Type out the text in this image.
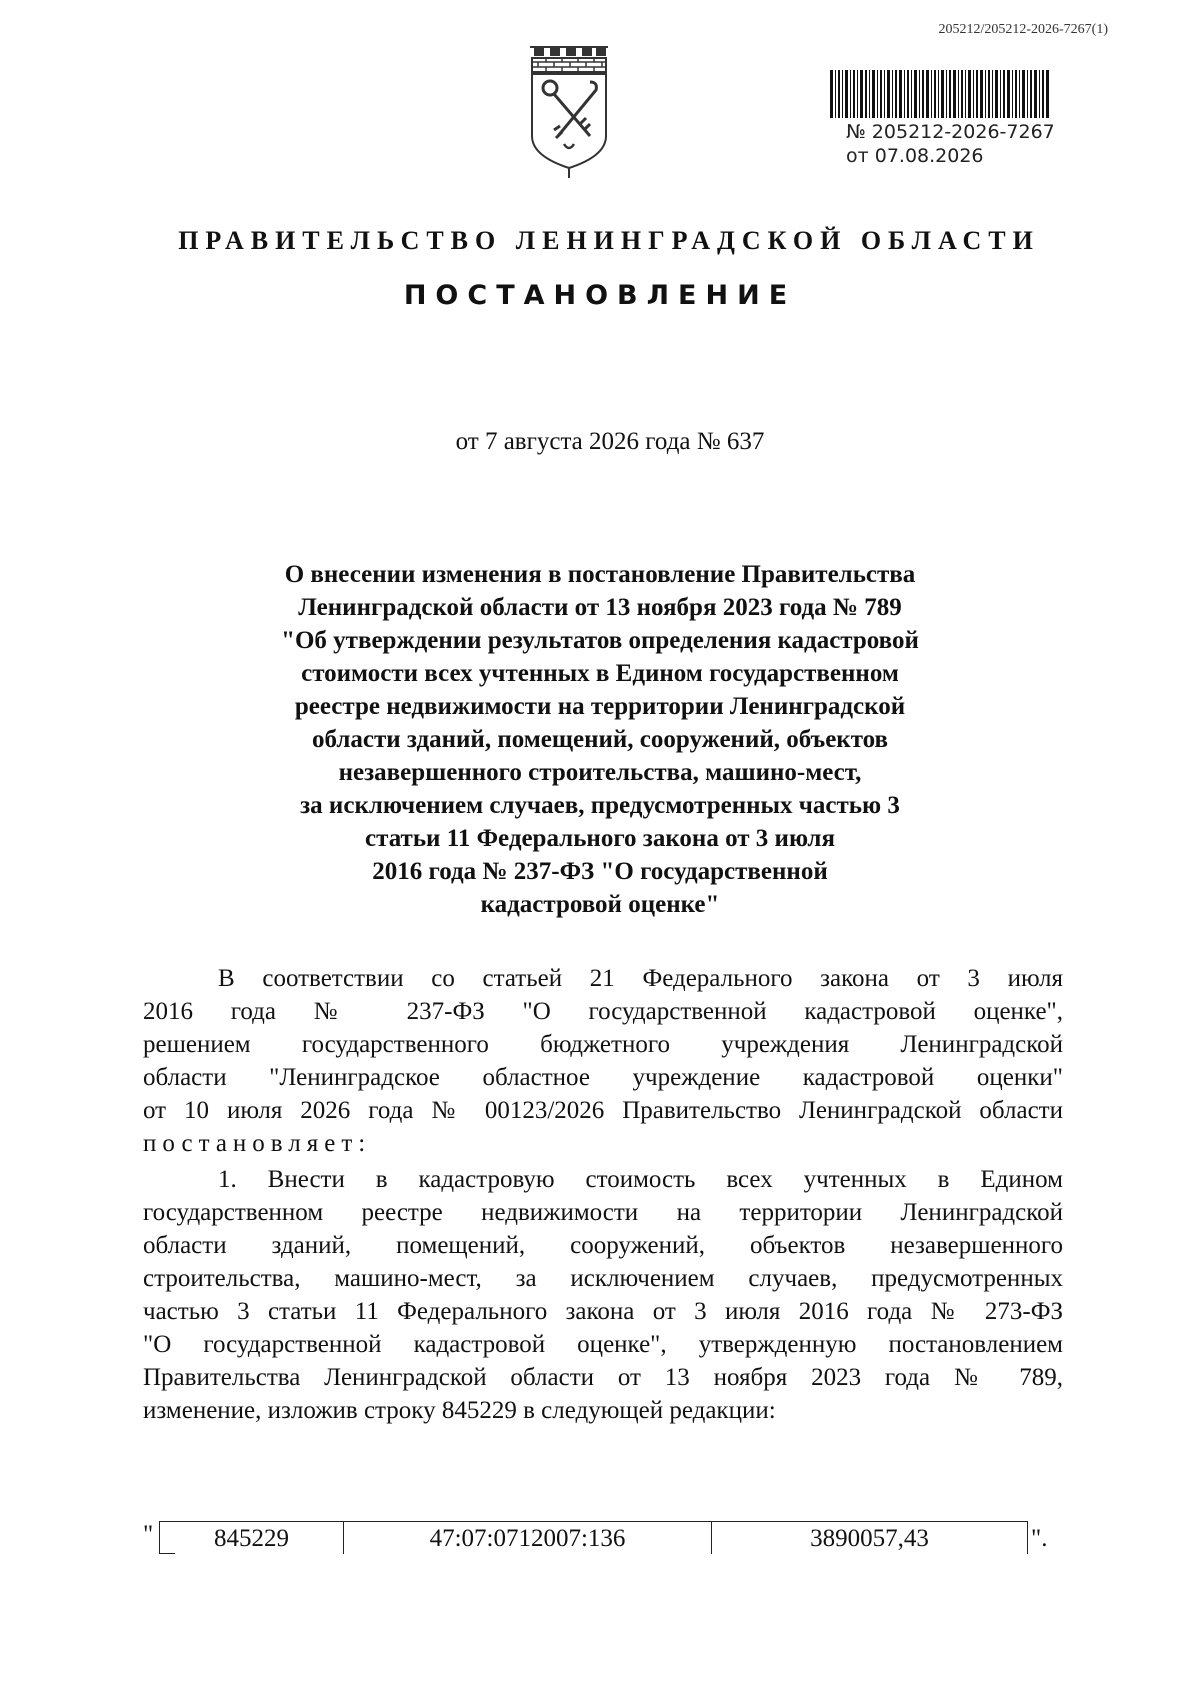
205212/205212-2026-7267(1)
№ 205212-2026-7267
от 07.08.2026
ПРАВИТЕЛЬСТВО ЛЕНИНГРАДСКОЙ ОБЛАСТИ
ПОСТАНОВЛЕНИЕ
от 7 августа 2026 года № 637
О внесении изменения в постановление Правительства
Ленинградской области от 13 ноября 2023 года № 789
"Об утверждении результатов определения кадастровой
стоимости всех учтенных в Едином государственном
реестре недвижимости на территории Ленинградской
области зданий, помещений, сооружений, объектов
незавершенного строительства, машино-мест,
за исключением случаев, предусмотренных частью 3
статьи 11 Федерального закона от 3 июля
2016 года № 237-ФЗ "О государственной
кадастровой оценке"
В соответствии со статьей 21 Федерального закона от 3 июля
2016 года № 237-ФЗ "О государственной кадастровой оценке",
решением государственного бюджетного учреждения Ленинградской
области "Ленинградское областное учреждение кадастровой оценки"
от 10 июля 2026 года № 00123/2026 Правительство Ленинградской области
постановляет:
1. Внести в кадастровую стоимость всех учтенных в Едином
государственном реестре недвижимости на территории Ленинградской
области зданий, помещений, сооружений, объектов незавершенного
строительства, машино-мест, за исключением случаев, предусмотренных
частью 3 статьи 11 Федерального закона от 3 июля 2016 года № 273-ФЗ
"О государственной кадастровой оценке", утвержденную постановлением
Правительства Ленинградской области от 13 ноября 2023 года № 789,
изменение, изложив строку 845229 в следующей редакции:
"	845229	47:07:0712007:136	3890057,43	".
